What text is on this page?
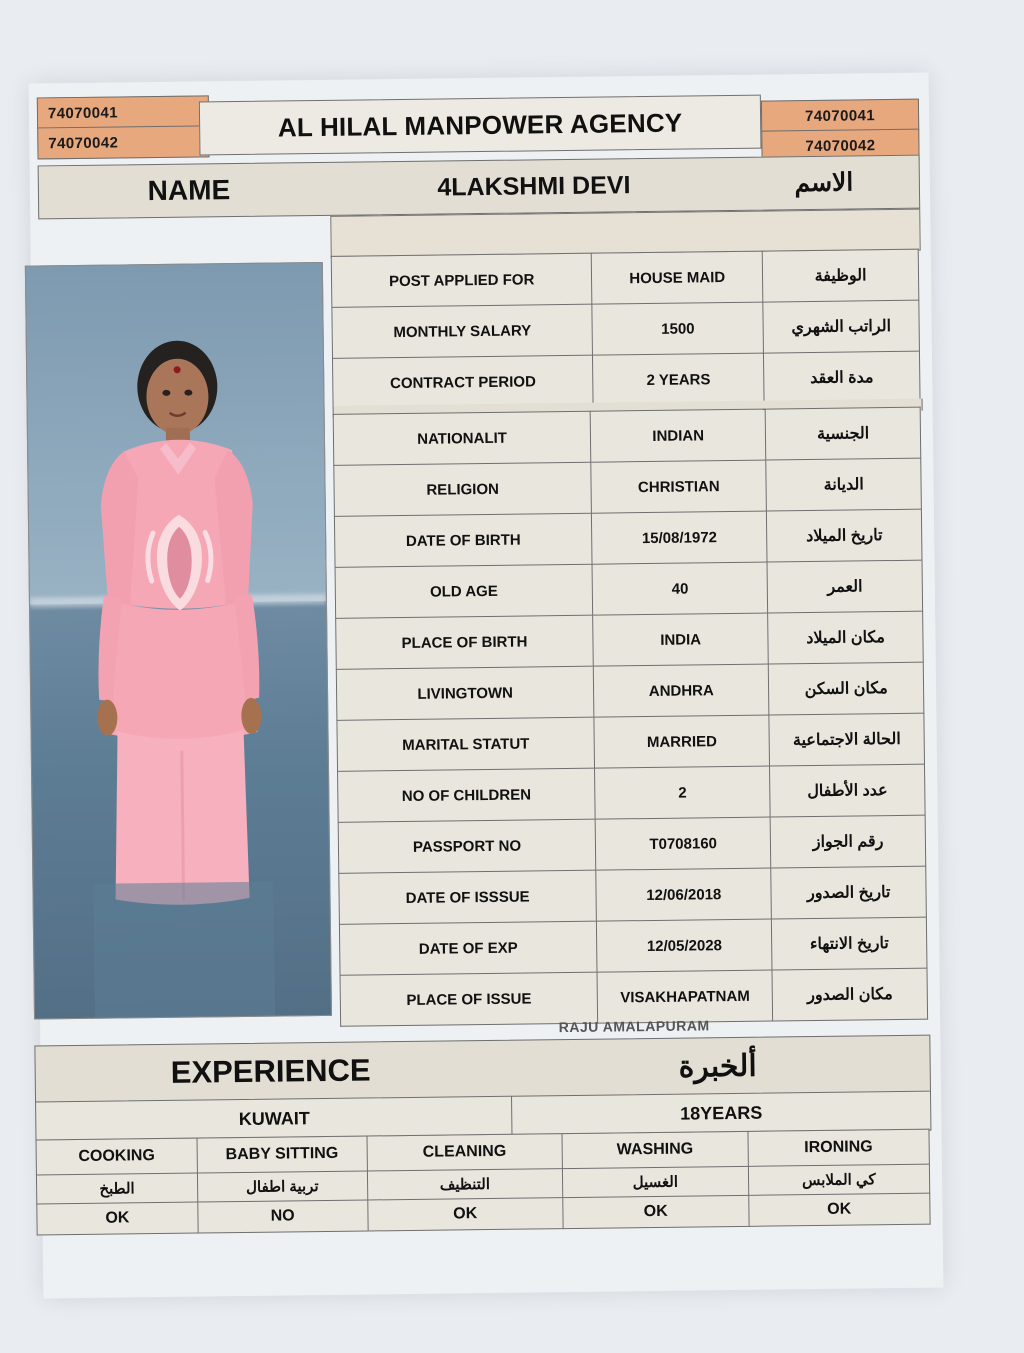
74070041
74070042
AL HILAL MANPOWER AGENCY	74070041
74070042
NAME	4LAKSHMI DEVI	الاسم
POST APPLIED FOR	HOUSE MAID	الوظيفة
MONTHLY SALARY	1500	الراتب الشهري
CONTRACT PERIOD	2 YEARS	مدة العقد
NATIONALIT	INDIAN	الجنسية
RELIGION	CHRISTIAN	الديانة
DATE OF BIRTH	15/08/1972	تاريخ الميلاد
OLD AGE	40	العمر
PLACE OF BIRTH	INDIA	مكان الميلاد
LIVINGTOWN	ANDHRA	مكان السكن
MARITAL STATUT	MARRIED	الحالة الاجتماعية
NO OF CHILDREN	2	عدد الأطفال
PASSPORT NO	T0708160	رقم الجواز
DATE OF ISSSUE	12/06/2018	تاريخ الصدور
DATE OF EXP	12/05/2028	تاريخ الانتهاء
PLACE OF ISSUE	VISAKHAPATNAM	مكان الصدور
RAJU AMALAPURAM
EXPERIENCE	ألخبرة
KUWAIT	18YEARS
COOKING	BABY SITTING	CLEANING	WASHING	IRONING
الطبخ	تربية اطفال	التنظيف	الغسيل	كي الملابس
OK	NO	OK	OK	OK
